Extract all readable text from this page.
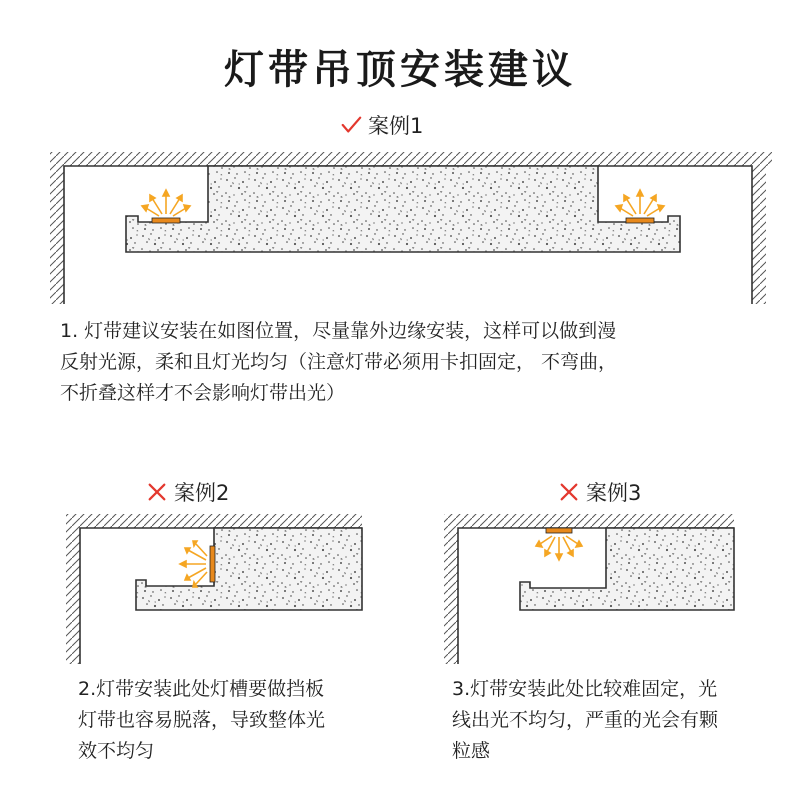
灯带吊顶安装建议
案例1
1. 灯带建议安装在如图位置，尽量靠外边缘安装，这样可以做到漫
反射光源，柔和且灯光均匀（注意灯带必须用卡扣固定， 不弯曲，
不折叠这样才不会影响灯带出光）
案例2
2.灯带安装此处灯槽要做挡板
灯带也容易脱落，导致整体光
效不均匀
案例3
3.灯带安装此处比较难固定，光
线出光不均匀，严重的光会有颗
粒感
